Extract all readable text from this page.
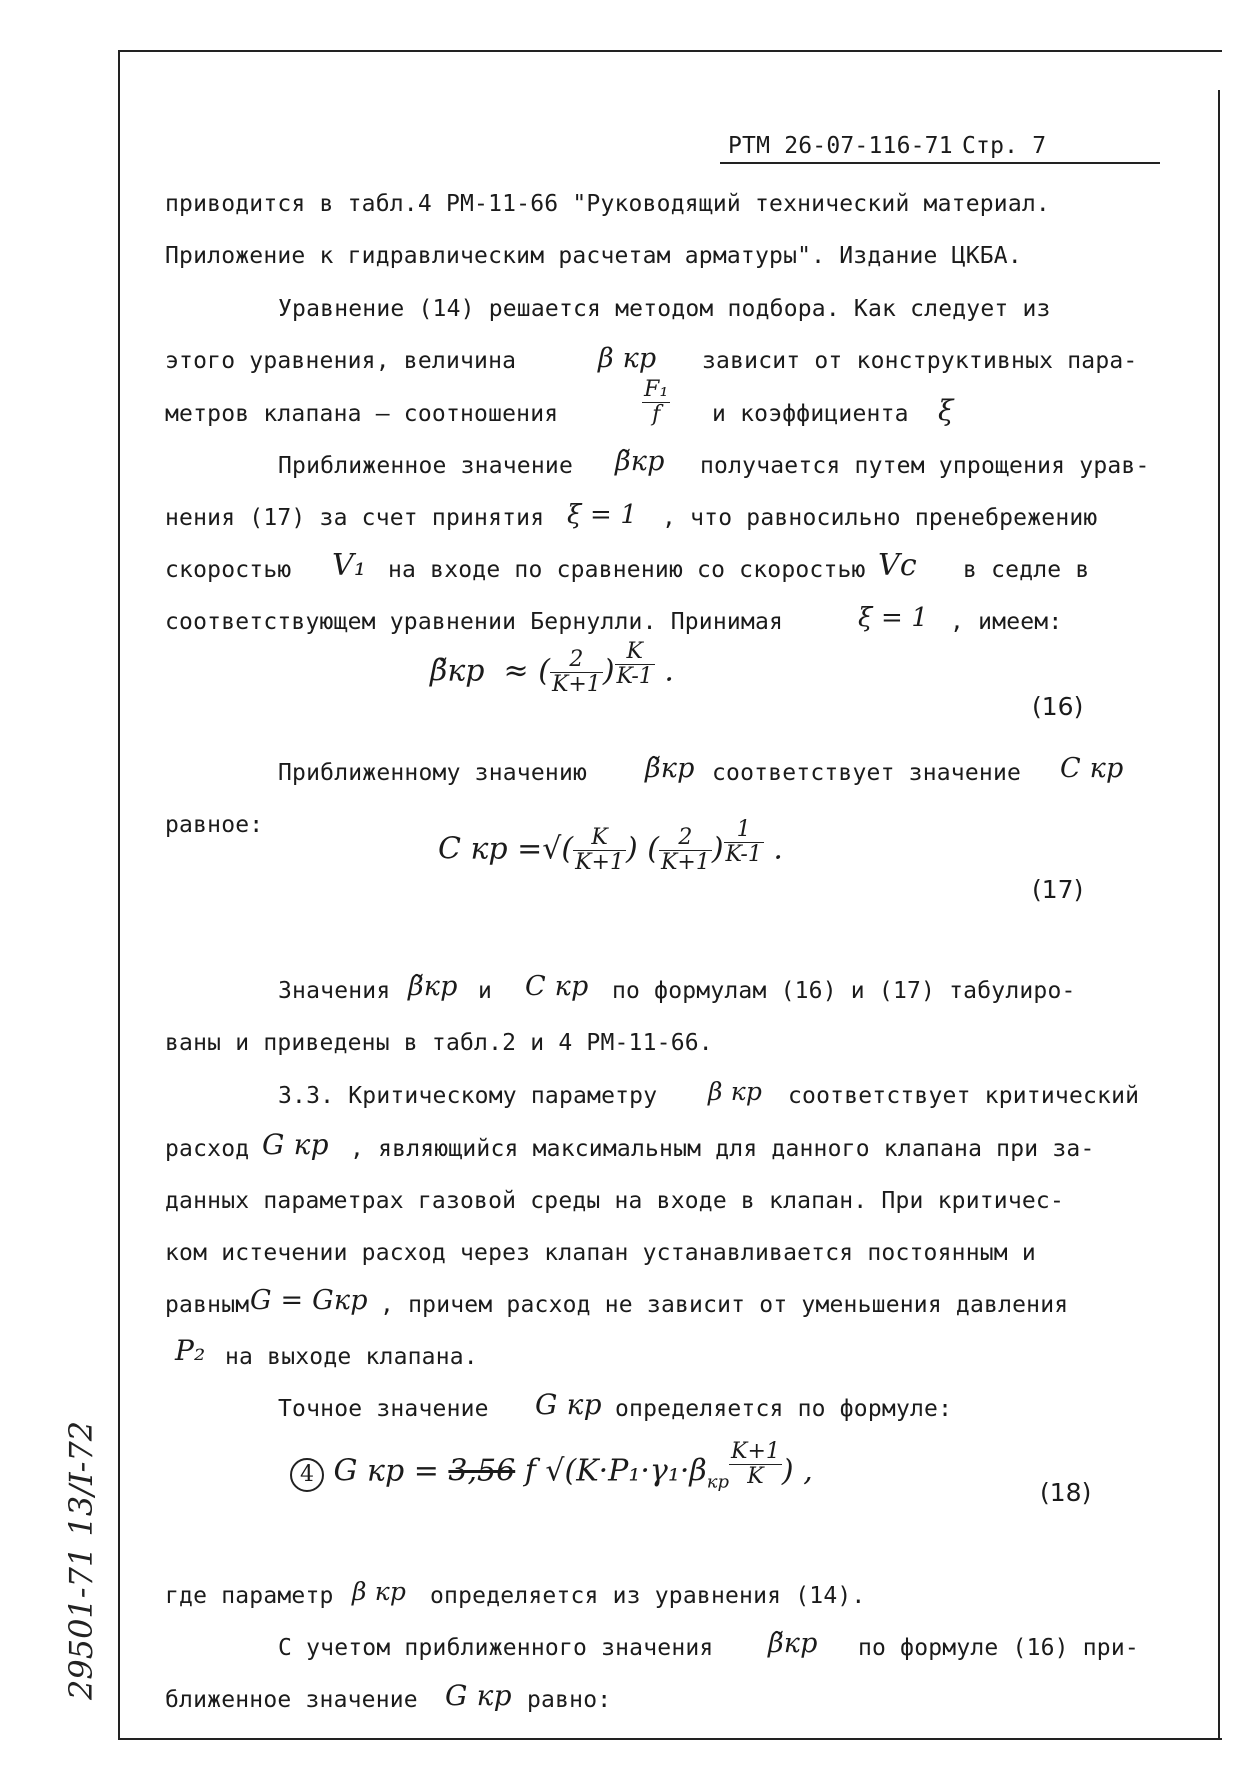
РТМ 26-07-116-71 Стр. 7
приводится в табл.4 РМ-11-66 "Руководящий технический материал.
Приложение к гидравлическим расчетам арматуры". Издание ЦКБА.
Уравнение (14) решается методом подбора. Как следует из
этого уравнения, величина	β кр зависит от конструктивных пара-
метров клапана — соотношения	$\frac{\text{F₁}}{f}$ и коэффициента ξ
Приближенное значение β̃кр получается путем упрощения урав-
нения (17) за счет принятия ξ = 1 , что равносильно пренебрежению
скоростью V₁ на входе по сравнению со скоростью Vc в седле в
соответствующем уравнении Бернулли. Принимая	ξ = 1 , имеем:
β̃кр  ≈ ( $\frac{2}{K+1}$ ) $^{\frac{K}{K-1}}$ .
(16)
Приближенному значению β̃кр соответствует значение C кр
равное:
C кр =√( $\frac{K}{K+1}$ ) ( $\frac{2}{K+1}$ ) $^{\frac{1}{K-1}}$ .
(17)
Значения β̃кр и C кр по формулам (16) и (17) табулиро-
ваны и приведены в табл.2 и 4 РМ-11-66.
3.3. Критическому параметру β кр соответствует критический
расход G кр , являющийся максимальным для данного клапана при за-
данных параметрах газовой среды на входе в клапан. При критичес-
ком истечении расход через клапан устанавливается постоянным и
равным G = Gкр , причем расход не зависит от уменьшения давления
P₂ на выходе клапана.
Точное значение G кр определяется по формуле:
4 G кр = 3,56 f $√(K\cdot P_1\cdot\gamma_1\cdot\beta_{кр}$ $^{\frac{K+1}{K}}$ ) ,
(18)
где параметр β кр определяется из уравнения (14).
С учетом приближенного значения β̃кр по формуле (16) при-
ближенное значение G кр равно:
29501-71 13/I-72
